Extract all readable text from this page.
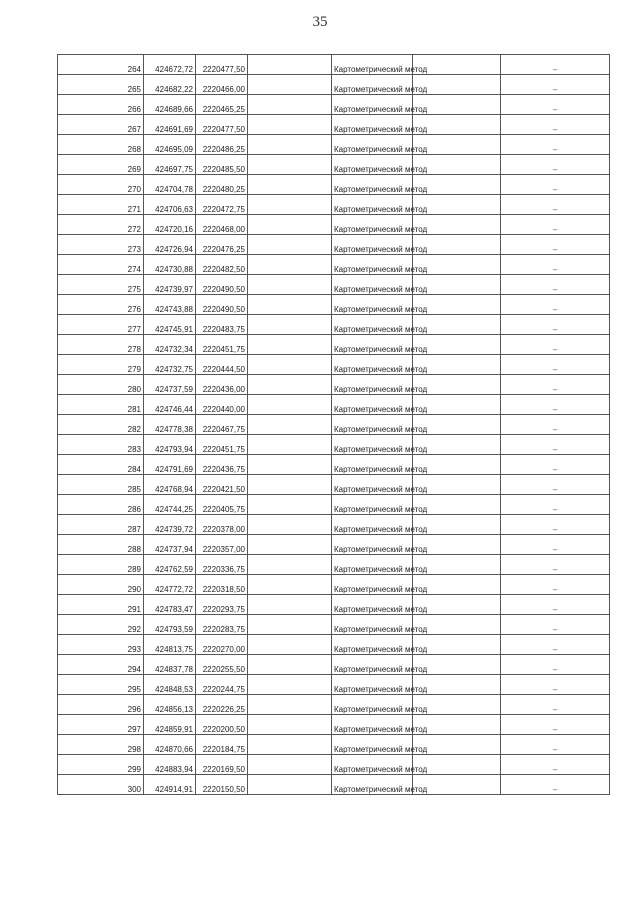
35
264	424672,72	2220477,50		Картометрический метод		–
265	424682,22	2220466,00		Картометрический метод		–
266	424689,66	2220465,25		Картометрический метод		–
267	424691,69	2220477,50		Картометрический метод		–
268	424695,09	2220486,25		Картометрический метод		–
269	424697,75	2220485,50		Картометрический метод		–
270	424704,78	2220480,25		Картометрический метод		–
271	424706,63	2220472,75		Картометрический метод		–
272	424720,16	2220468,00		Картометрический метод		–
273	424726,94	2220476,25		Картометрический метод		–
274	424730,88	2220482,50		Картометрический метод		–
275	424739,97	2220490,50		Картометрический метод		–
276	424743,88	2220490,50		Картометрический метод		–
277	424745,91	2220483,75		Картометрический метод		–
278	424732,34	2220451,75		Картометрический метод		–
279	424732,75	2220444,50		Картометрический метод		–
280	424737,59	2220436,00		Картометрический метод		–
281	424746,44	2220440,00		Картометрический метод		–
282	424778,38	2220467,75		Картометрический метод		–
283	424793,94	2220451,75		Картометрический метод		–
284	424791,69	2220436,75		Картометрический метод		–
285	424768,94	2220421,50		Картометрический метод		–
286	424744,25	2220405,75		Картометрический метод		–
287	424739,72	2220378,00		Картометрический метод		–
288	424737,94	2220357,00		Картометрический метод		–
289	424762,59	2220336,75		Картометрический метод		–
290	424772,72	2220318,50		Картометрический метод		–
291	424783,47	2220293,75		Картометрический метод		–
292	424793,59	2220283,75		Картометрический метод		–
293	424813,75	2220270,00		Картометрический метод		–
294	424837,78	2220255,50		Картометрический метод		–
295	424848,53	2220244,75		Картометрический метод		–
296	424856,13	2220226,25		Картометрический метод		–
297	424859,91	2220200,50		Картометрический метод		–
298	424870,66	2220184,75		Картометрический метод		–
299	424883,94	2220169,50		Картометрический метод		–
300	424914,91	2220150,50		Картометрический метод		–
